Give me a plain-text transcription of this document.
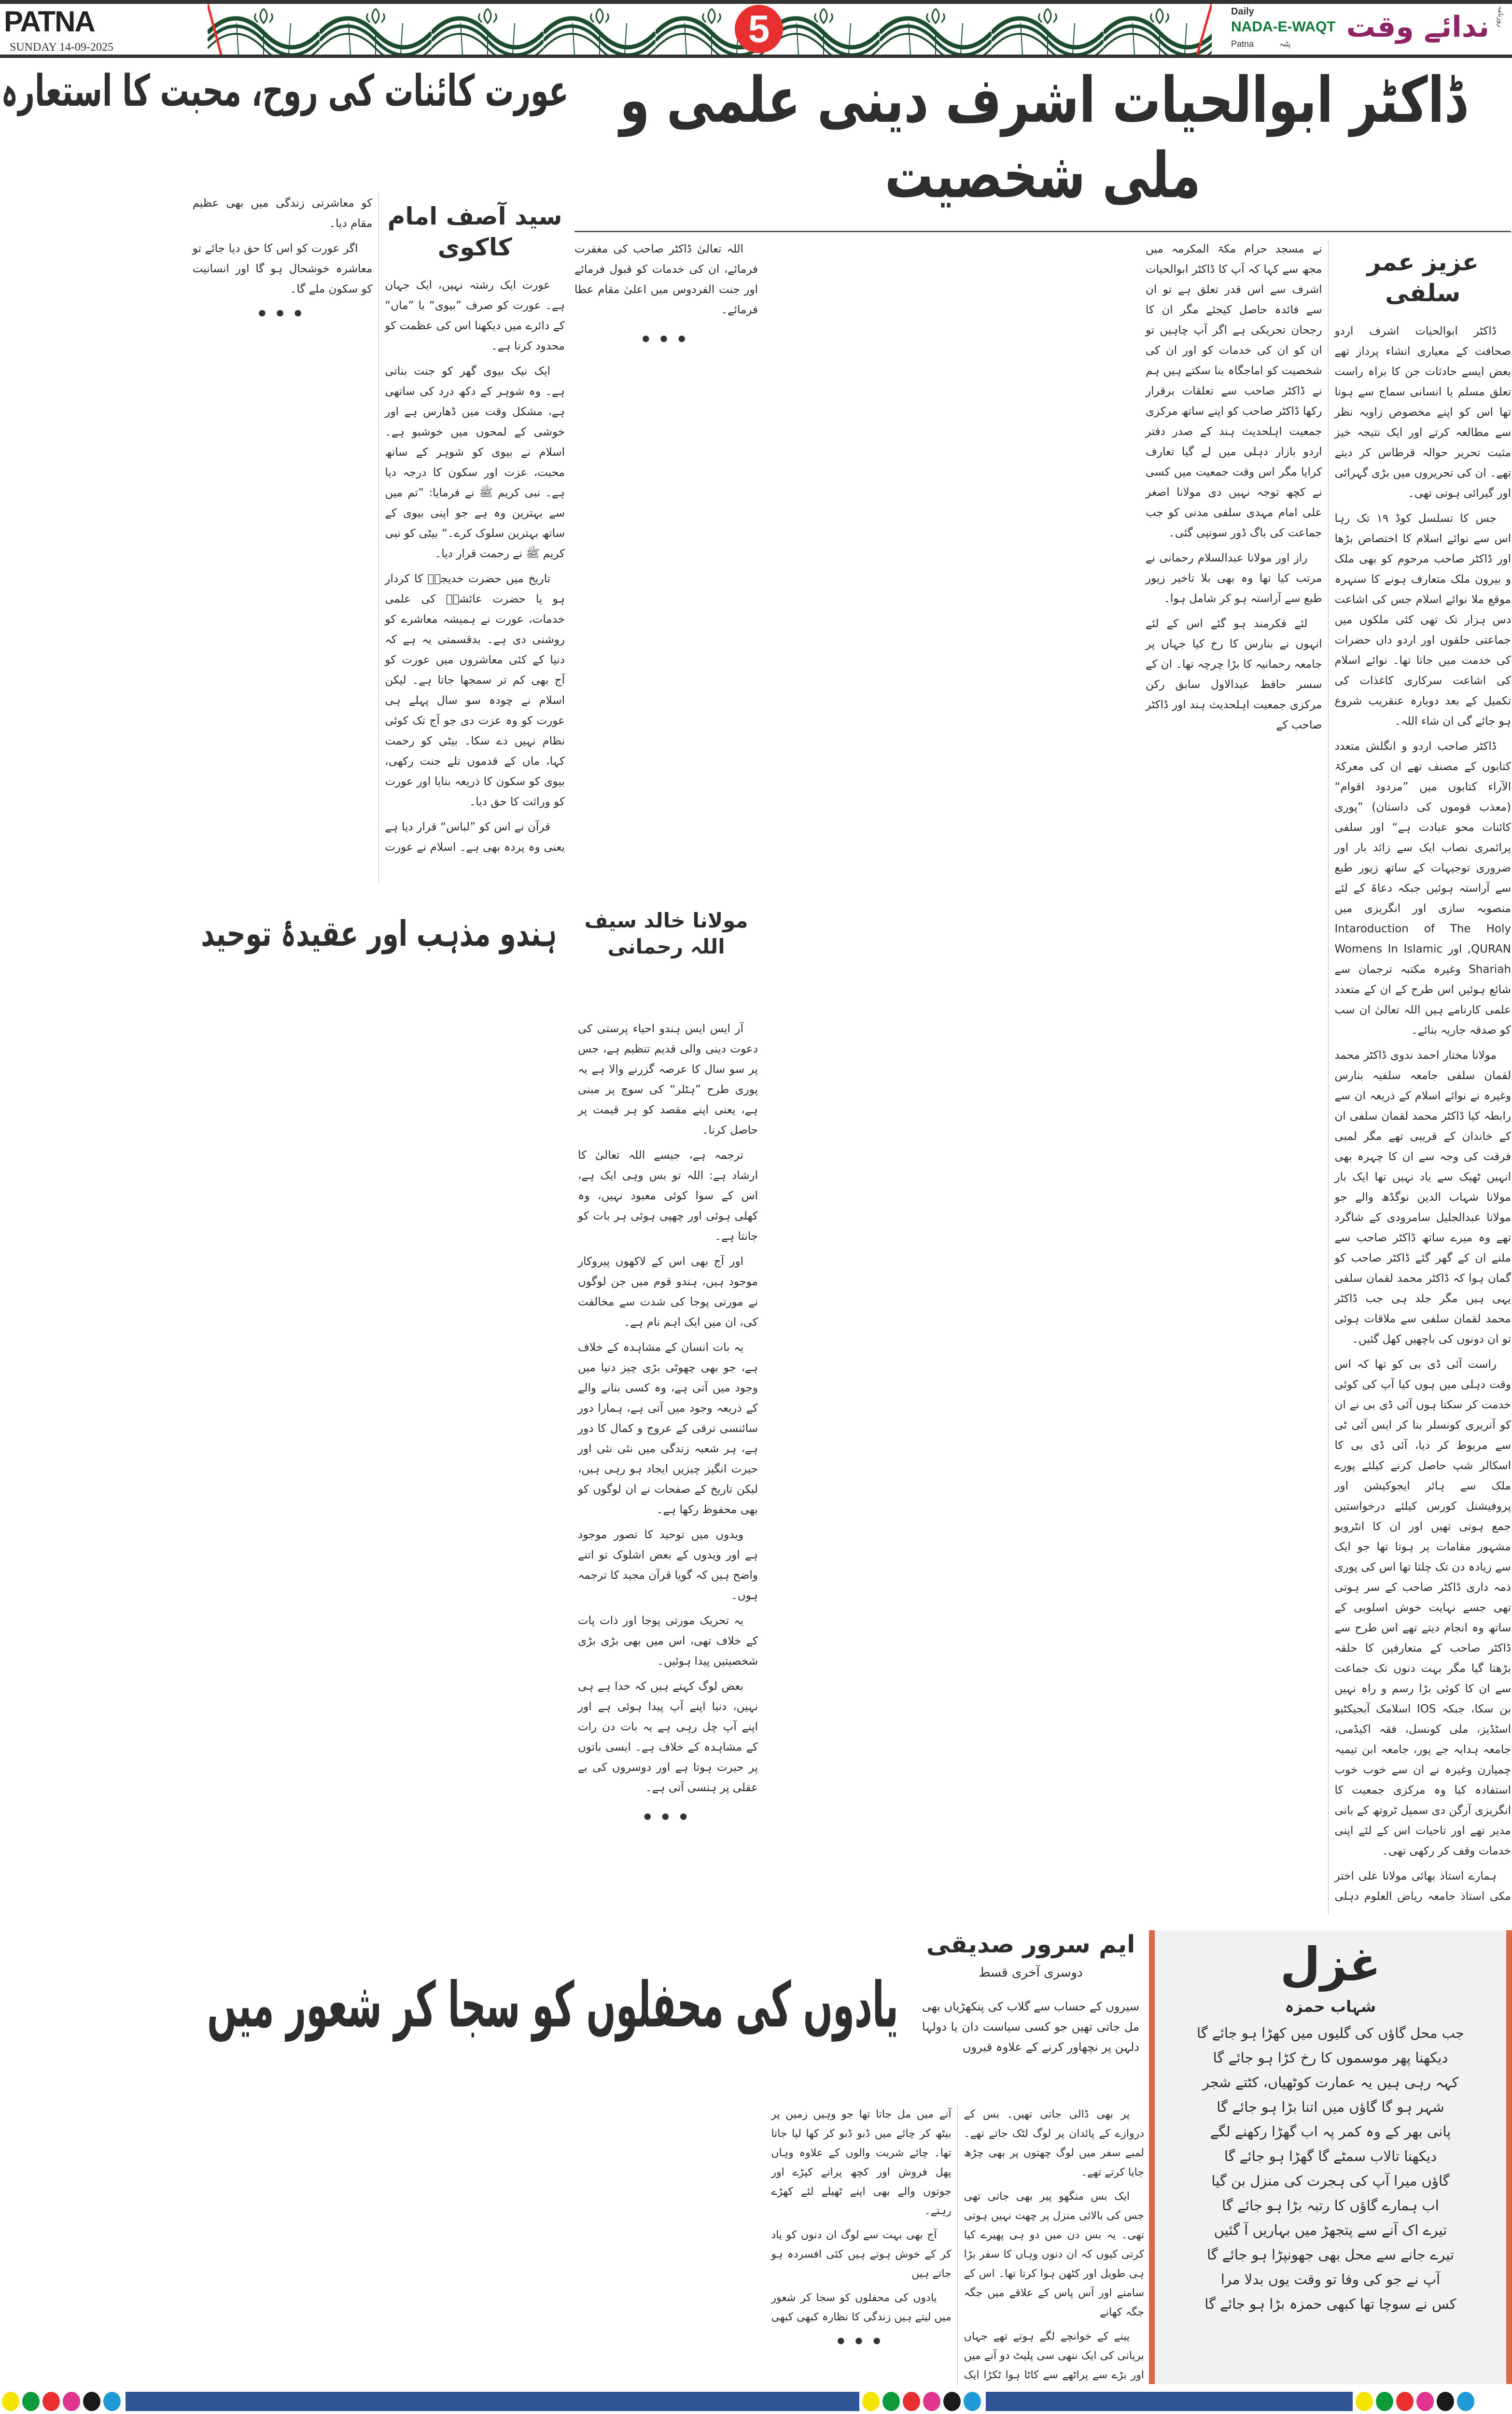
PATNA
SUNDAY 14-09-2025	5	Daily
NADA-E-WAQT
Patna	پٹنہ	ندائے وقت روزنامہ
ڈاکٹر ابوالحیات اشرف دینی علمی و ملی شخصیت
عزیز عمر سلفی

ڈاکٹر ابوالحیات اشرف اردو صحافت کے معیاری انشاء پرداز تھے بعض ایسے حادثات جن کا براہ راست تعلق مسلم یا انسانی سماج سے ہوتا تھا اس کو اپنے مخصوص زاویہ نظر سے مطالعہ کرتے اور ایک نتیجہ خیز مثبت تحریر حوالہ قرطاس کر دیتے تھے۔ ان کی تحریروں میں بڑی گہرائی اور گیرائی ہوتی تھی۔

جس کا تسلسل کوڈ ۱۹ تک رہا اس سے نوائے اسلام کا اختصاص بڑھا اور ڈاکٹر صاحب مرحوم کو بھی ملک و بیرون ملک متعارف ہونے کا سنہرہ موقع ملا نوائے اسلام جس کی اشاعت دس ہزار تک تھی کئی ملکوں میں جماعتی حلقوں اور اردو داں حضرات کی خدمت میں جاتا تھا۔ نوائے اسلام کی اشاعت سرکاری کاغذات کی تکمیل کے بعد دوبارہ عنقریب شروع ہو جائے گی ان شاء اللہ۔

ڈاکٹر صاحب اردو و انگلش متعدد کتابوں کے مصنف تھے ان کی معرکۃ الآراء کتابوں میں ”مردود اقوام“ (معذب قوموں کی داستان) ”پوری کائنات محو عبادت ہے“ اور سلفی پرائمری نصاب ایک سے زائد بار اور ضروری توجیہات کے ساتھ زیور طبع سے آراستہ ہوئیں جبکہ دعاۃ کے لئے منصوبہ سازی اور انگریزی میں Intaroduction of The Holy QURAN, اور Womens In Islamic Shariah وغیرہ مکتبہ ترجمان سے شائع ہوئیں اس طرح کے ان کے متعدد علمی کارنامے ہیں اللہ تعالیٰ ان سب کو صدقہ جاریہ بنائے۔

مولانا مختار احمد ندوی ڈاکٹر محمد لقمان سلفی جامعہ سلفیہ بنارس وغیرہ نے نوائے اسلام کے ذریعہ ان سے رابطہ کیا ڈاکٹر محمد لقمان سلفی ان کے خاندان کے قریبی تھے مگر لمبی فرقت کی وجہ سے ان کا چہرہ بھی انہیں ٹھیک سے یاد نہیں تھا ایک بار مولانا شہاب الدین نوگڈھ والے جو مولانا عبدالجلیل سامرودی کے شاگرد تھے وہ میرے ساتھ ڈاکٹر صاحب سے ملنے ان کے گھر گئے ڈاکٹر صاحب کو گمان ہوا کہ ڈاکٹر محمد لقمان سلفی یہی ہیں مگر جلد ہی جب ڈاکٹر محمد لقمان سلفی سے ملاقات ہوئی تو ان دونوں کی باچھیں کھل گئیں۔

راست آئی ڈی بی کو تھا کہ اس وقت دہلی میں ہوں کیا آپ کی کوئی خدمت کر سکتا ہوں آئی ڈی بی نے ان کو آنریری کونسلر بنا کر ایس آئی ٹی سے مربوط کر دیا، آئی ڈی بی کا اسکالر شپ حاصل کرنے کیلئے پورے ملک سے ہائر ایجوکیشن اور پروفیشنل کورس کیلئے درخواستیں جمع ہوتی تھیں اور ان کا انٹرویو مشہور مقامات پر ہوتا تھا جو ایک سے زیادہ دن تک چلتا تھا اس کی پوری ذمہ داری ڈاکٹر صاحب کے سر ہوتی تھی جسے نہایت خوش اسلوبی کے ساتھ وہ انجام دیتے تھے اس طرح سے ڈاکٹر صاحب کے متعارفین کا حلقہ بڑھتا گیا مگر بہت دنوں تک جماعت سے ان کا کوئی بڑا رسم و راہ نہیں بن سکا، جبکہ IOS اسلامک آبجیکٹیو اسٹڈیز، ملی کونسل، فقہ اکیڈمی، جامعہ ہدایہ جے پور، جامعہ ابن تیمیہ چمپارن وغیرہ نے ان سے خوب خوب استفادہ کیا وہ مرکزی جمعیت کا انگریزی آرگن دی سمپل ٹروتھ کے بانی مدیر تھے اور تاحیات اس کے لئے اپنی خدمات وقف کر رکھی تھی۔

ہمارے استاذ بھائی مولانا علی اختر مکی استاذ جامعہ ریاض العلوم دہلی نے مسجد حرام مکۃ المکرمہ میں مجھ سے کہا کہ آپ کا ڈاکٹر ابوالحیات اشرف سے اس قدر تعلق ہے تو ان سے فائدہ حاصل کیجئے مگر ان کا رجحان تحریکی ہے اگر آپ چاہیں تو ان کو ان کی خدمات کو اور ان کی شخصیت کو اماجگاہ بنا سکتے ہیں ہم نے ڈاکٹر صاحب سے تعلقات برقرار رکھا ڈاکٹر صاحب کو اپنے ساتھ مرکزی جمعیت اہلحدیث ہند کے صدر دفتر اردو بازار دہلی میں لے گیا تعارف کرایا مگر اس وقت جمعیت میں کسی نے کچھ توجہ نہیں دی مولانا اصغر علی امام مہدی سلفی مدنی کو جب جماعت کی باگ ڈور سونپی گئی۔

راز اور مولانا عبدالسلام رحمانی نے مرتب کیا تھا وہ بھی بلا تاخیر زیور طبع سے آراستہ ہو کر شامل ہوا۔

لئے فکرمند ہو گئے اس کے لئے انہوں نے بنارس کا رخ کیا جہاں پر جامعہ رحمانیہ کا بڑا چرچہ تھا۔ ان کے سسر حافظ عبدالاول سابق رکن مرکزی جمعیت اہلحدیث ہند اور ڈاکٹر صاحب کے

اللہ تعالیٰ ڈاکٹر صاحب کی مغفرت فرمائے، ان کی خدمات کو قبول فرمائے اور جنت الفردوس میں اعلیٰ مقام عطا فرمائے۔

•••
عورت کائنات کی روح، محبت کا استعارہ
سید آصف امام کاکوی

عورت ایک رشتہ نہیں، ایک جہان ہے۔ عورت کو صرف ”بیوی“ یا ”ماں“ کے دائرے میں دیکھنا اس کی عظمت کو محدود کرنا ہے۔

ایک نیک بیوی گھر کو جنت بناتی ہے۔ وہ شوہر کے دکھ درد کی ساتھی ہے، مشکل وقت میں ڈھارس ہے اور خوشی کے لمحوں میں خوشبو ہے۔ اسلام نے بیوی کو شوہر کے ساتھ محبت، عزت اور سکون کا درجہ دیا ہے۔ نبی کریم ﷺ نے فرمایا: ”تم میں سے بہترین وہ ہے جو اپنی بیوی کے ساتھ بہترین سلوک کرے۔“ بیٹی کو نبی کریم ﷺ نے رحمت قرار دیا۔

تاریخ میں حضرت خدیجہؓ کا کردار ہو یا حضرت عائشہؓ کی علمی خدمات، عورت نے ہمیشہ معاشرے کو روشنی دی ہے۔ بدقسمتی یہ ہے کہ دنیا کے کئی معاشروں میں عورت کو آج بھی کم تر سمجھا جاتا ہے۔ لیکن اسلام نے چودہ سو سال پہلے ہی عورت کو وہ عزت دی جو آج تک کوئی نظام نہیں دے سکا۔ بیٹی کو رحمت کہا، ماں کے قدموں تلے جنت رکھی، بیوی کو سکون کا ذریعہ بنایا اور عورت کو وراثت کا حق دیا۔

قرآن نے اس کو ”لباس“ قرار دیا ہے یعنی وہ پردہ بھی ہے۔ اسلام نے عورت کو معاشرتی زندگی میں بھی عظیم مقام دیا۔

اگر عورت کو اس کا حق دیا جائے تو معاشرہ خوشحال ہو گا اور انسانیت کو سکون ملے گا۔

•••
ہندو مذہب اور عقیدۂ توحید	مولانا خالد سیف اللہ رحمانی

آر ایس ایس ہندو احیاء پرستی کی دعوت دینی والی قدیم تنظیم ہے، جس پر سو سال کا عرصہ گزرنے والا ہے یہ پوری طرح ”ہٹلر“ کی سوچ پر مبنی ہے، یعنی اپنے مقصد کو ہر قیمت پر حاصل کرنا۔

ترجمہ ہے، جیسے اللہ تعالیٰ کا ارشاد ہے: اللہ تو بس وہی ایک ہے، اس کے سوا کوئی معبود نہیں، وہ کھلی ہوئی اور چھپی ہوئی ہر بات کو جانتا ہے۔

اور آج بھی اس کے لاکھوں پیروکار موجود ہیں، ہندو قوم میں جن لوگوں نے مورتی پوجا کی شدت سے مخالفت کی، ان میں ایک اہم نام ہے۔

یہ بات انسان کے مشاہدہ کے خلاف ہے، جو بھی چھوٹی بڑی چیز دنیا میں وجود میں آتی ہے، وہ کسی بنانے والے کے ذریعہ وجود میں آتی ہے، ہمارا دور سائنسی ترقی کے عروج و کمال کا دور ہے، ہر شعبہ زندگی میں نئی نئی اور حیرت انگیز چیزیں ایجاد ہو رہی ہیں، لیکن تاریخ کے صفحات نے ان لوگوں کو بھی محفوظ رکھا ہے۔

ویدوں میں توحید کا تصور موجود ہے اور ویدوں کے بعض اشلوک تو اتنے واضح ہیں کہ گویا قرآن مجید کا ترجمہ ہوں۔

یہ تحریک مورتی پوجا اور ذات پات کے خلاف تھی، اس میں بھی بڑی بڑی شخصیتیں پیدا ہوئیں۔

بعض لوگ کہتے ہیں کہ خدا ہے ہی نہیں، دنیا اپنے آپ پیدا ہوئی ہے اور اپنے آپ چل رہی ہے یہ بات دن رات کے مشاہدہ کے خلاف ہے۔ ایسی باتوں پر حیرت ہوتا ہے اور دوسروں کی بے عقلی پر ہنسی آتی ہے۔

•••
ایم سرور صدیقی
دوسری آخری قسط
سیروں کے حساب سے گلاب کی پنکھڑیاں بھی مل جاتی تھیں جو کسی سیاست دان یا دولہا دلہن پر نچھاور کرنے کے علاوہ قبروں
یادوں کی محفلوں کو سجا کر شعور میں

پر بھی ڈالی جاتی تھیں۔ بس کے دروازے کے پائدان پر لوگ لٹک جاتے تھے۔ لمبے سفر میں لوگ چھتوں پر بھی چڑھ جایا کرتے تھے۔

ایک بس منگھو پیر بھی جاتی تھی جس کی بالائی منزل پر چھت نہیں ہوتی تھی۔ یہ بس دن میں دو ہی پھیرے کیا کرتی کیوں کہ ان دنوں وہاں کا سفر بڑا ہی طویل اور کٹھن ہوا کرتا تھا۔ اس کے سامنے اور آس پاس کے علاقے میں جگہ جگہ کھانے

پینے کے خوانچے لگے ہوتے تھے جہاں بریانی کی ایک ننھی سی پلیٹ دو آنے میں اور بڑے سے پراٹھے سے کاٹا ہوا ٹکڑا ایک آنے میں مل جاتا تھا جو وہیں زمین پر بیٹھ کر چائے میں ڈبو ڈبو کر کھا لیا جاتا تھا۔ چائے شربت والوں کے علاوہ وہاں پھل فروش اور کچھ پرانے کپڑے اور جوتوں والے بھی اپنے ٹھیلے لئے کھڑے رہتے۔

آج بھی بہت سے لوگ ان دنوں کو یاد کر کے خوش ہوتے ہیں کئی افسردہ ہو جاتے ہیں

یادوں کی محفلوں کو سجا کر شعور میں لیتے ہیں زندگی کا نظارہ کبھی کبھی

•••
غزل
شہاب حمزہ
جب محل گاؤں کی گلیوں میں کھڑا ہو جائے گا
دیکھنا پھر موسموں کا رخ کڑا ہو جائے گا
کہہ رہی ہیں یہ عمارت کوٹھیاں، کٹتے شجر
شہر ہو گا گاؤں میں اتنا بڑا ہو جائے گا
پانی بھر کے وہ کمر پہ اب گھڑا رکھنے لگے
دیکھنا تالاب سمٹے گا گھڑا ہو جائے گا
گاؤں میرا آپ کی ہجرت کی منزل بن گیا
اب ہمارے گاؤں کا رتبہ بڑا ہو جائے گا
تیرے اک آنے سے پتجھڑ میں بہاریں آ گئیں
تیرے جانے سے محل بھی جھونپڑا ہو جائے گا
آپ نے جو کی وفا تو وقت یوں بدلا مرا
کس نے سوچا تھا کبھی حمزہ بڑا ہو جائے گا
